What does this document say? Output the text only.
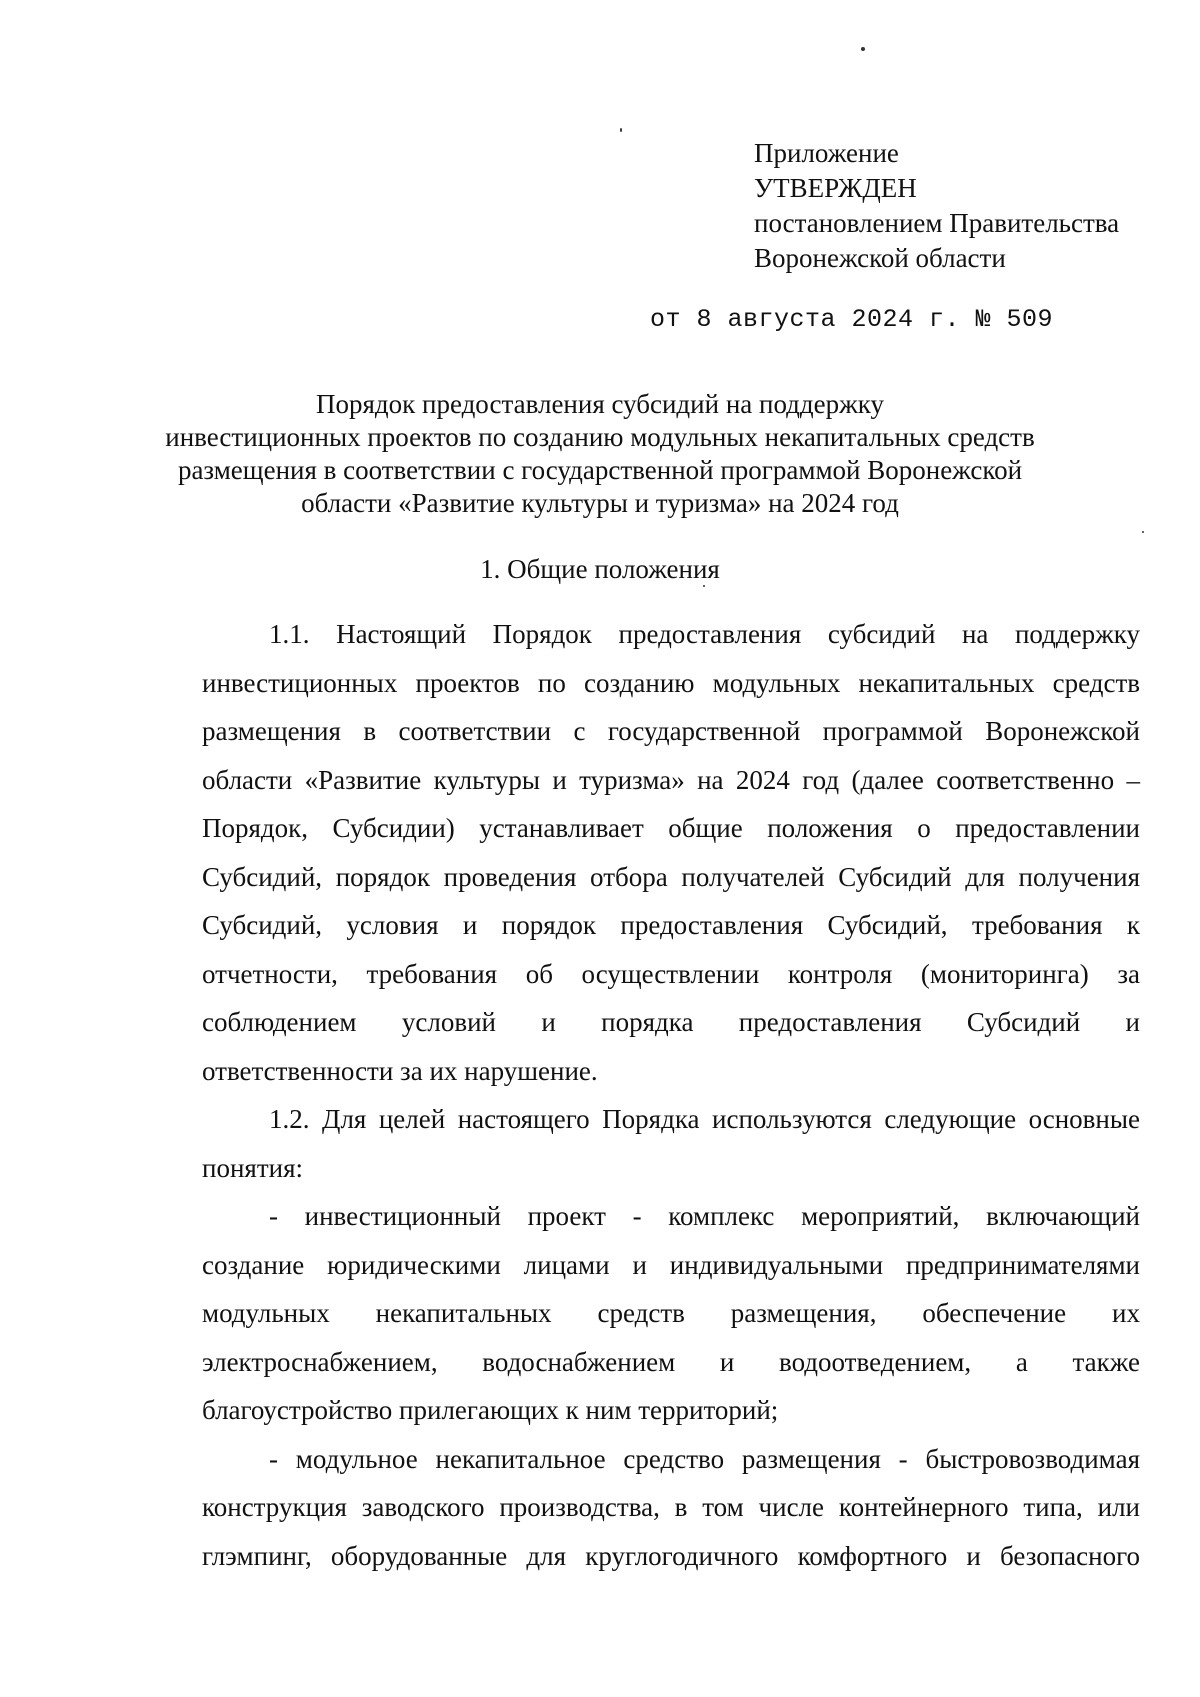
Приложение

УТВЕРЖДЕН

постановлением Правительства

Воронежской области

от 8 августа 2024 г. № 509

Порядок предоставления субсидий на поддержку

инвестиционных проектов по созданию модульных некапитальных средств

размещения в соответствии с государственной программой Воронежской

области «Развитие культуры и туризма» на 2024 год

1. Общие положения

1.1. Настоящий Порядок предоставления субсидий на поддержку
инвестиционных проектов по созданию модульных некапитальных средств
размещения в соответствии с государственной программой Воронежской
области «Развитие культуры и туризма» на 2024 год (далее соответственно –
Порядок, Субсидии) устанавливает общие положения о предоставлении
Субсидий, порядок проведения отбора получателей Субсидий для получения
Субсидий, условия и порядок предоставления Субсидий, требования к
отчетности, требования об осуществлении контроля (мониторинга) за
соблюдением условий и порядка предоставления Субсидий и
ответственности за их нарушение.
1.2. Для целей настоящего Порядка используются следующие основные
понятия:
- инвестиционный проект - комплекс мероприятий, включающий
создание юридическими лицами и индивидуальными предпринимателями
модульных некапитальных средств размещения, обеспечение их
электроснабжением, водоснабжением и водоотведением, а также
благоустройство прилегающих к ним территорий;
- модульное некапитальное средство размещения - быстровозводимая
конструкция заводского производства, в том числе контейнерного типа, или
глэмпинг, оборудованные для круглогодичного комфортного и безопасного
